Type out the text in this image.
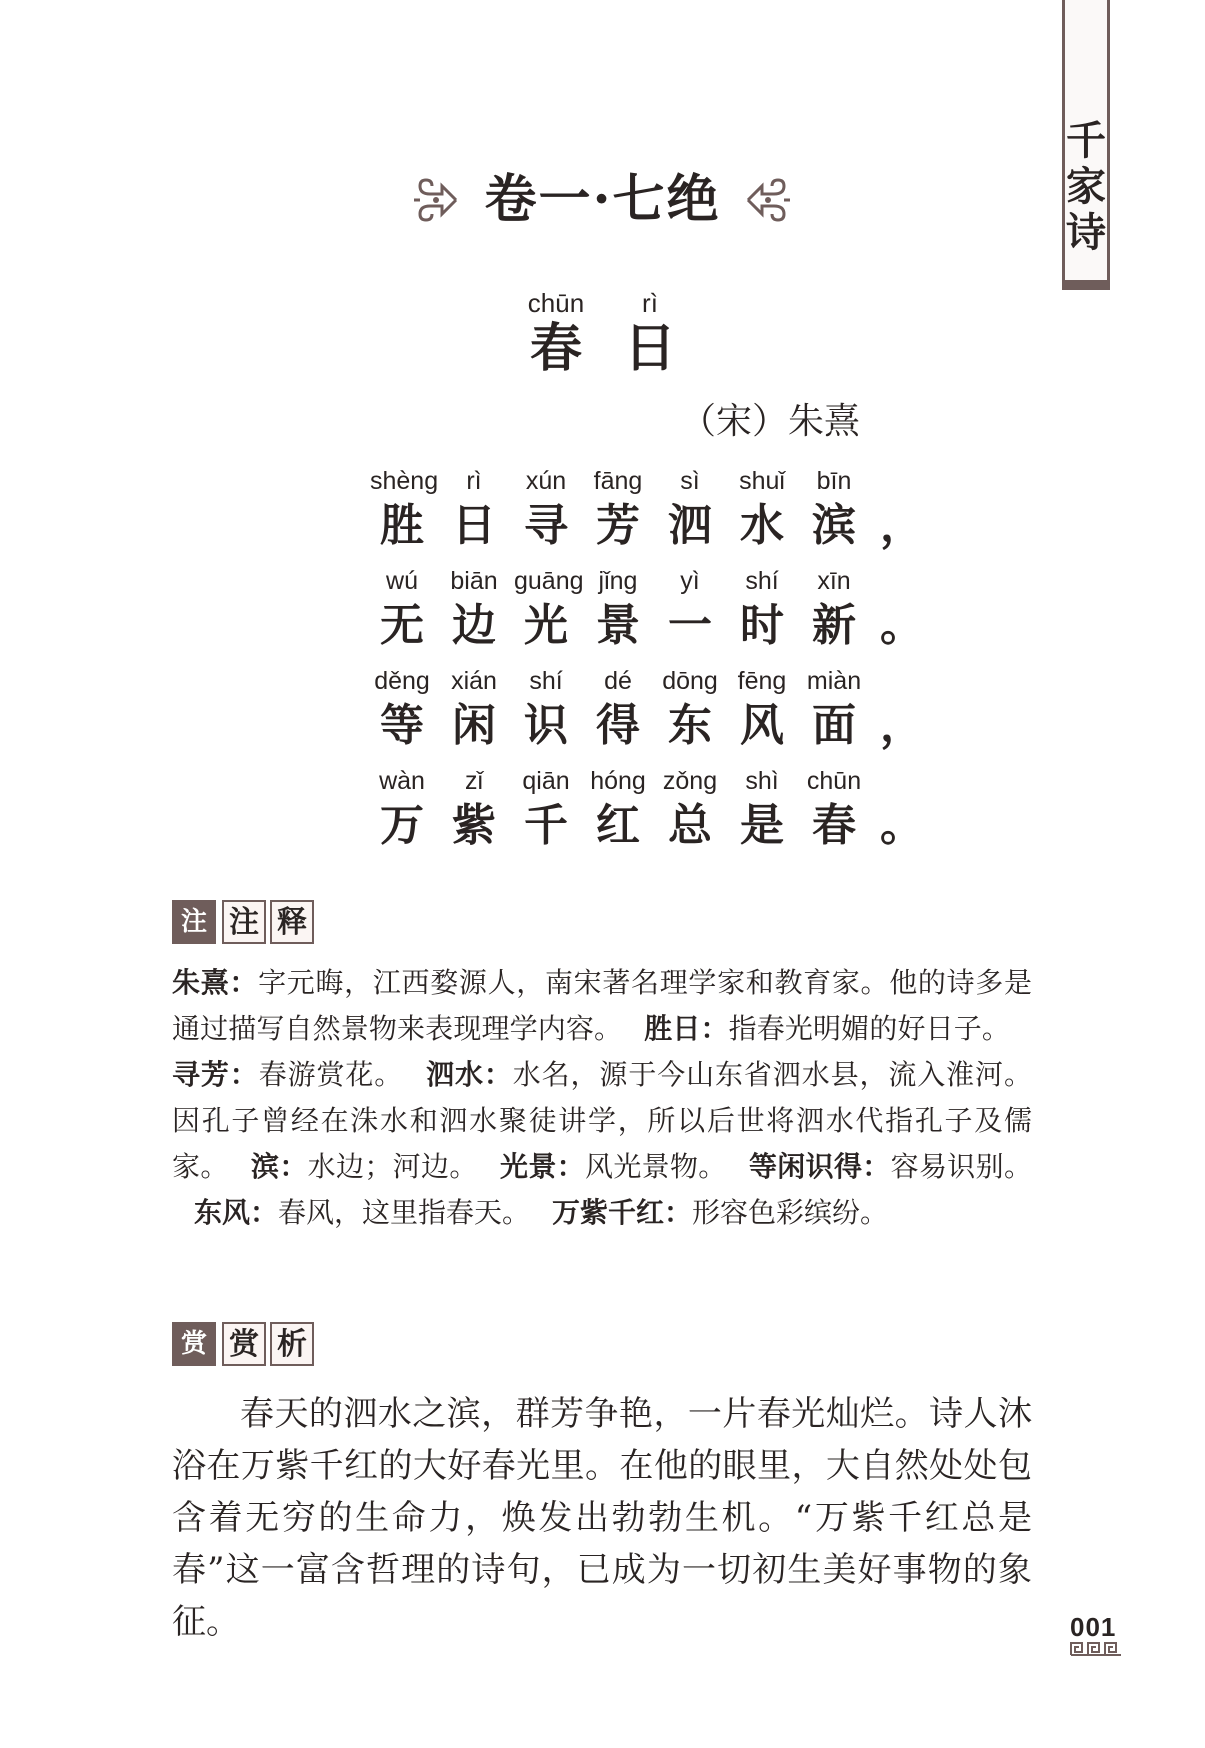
千家诗
卷一·七绝
chūn
春
rì
日
（宋）朱熹
shèng
胜
rì
日
xún
寻
fāng
芳
sì
泗
shuǐ
水
bīn
滨 ，
wú
无
biān
边
guāng
光
jǐng
景
yì
一
shí
时
xīn
新 。
děng
等
xián
闲
shí
识
dé
得
dōng
东
fēng
风
miàn
面 ，
wàn
万
zǐ
紫
qiān
千
hóng
红
zǒng
总
shì
是
chūn
春 。
注 注 释
朱熹：字元晦，江西婺源人，南宋著名理学家和教育家。他的诗多是通过描写自然景物来表现理学内容。 胜日：指春光明媚的好日子。寻芳：春游赏花。 泗水：水名，源于今山东省泗水县，流入淮河。因孔子曾经在洙水和泗水聚徒讲学，所以后世将泗水代指孔子及儒家。 滨：水边；河边。 光景：风光景物。 等闲识得：容易识别。东风：春风，这里指春天。 万紫千红：形容色彩缤纷。
赏 赏 析
春天的泗水之滨，群芳争艳，一片春光灿烂。诗人沐浴在万紫千红的大好春光里。在他的眼里，大自然处处包含着无穷的生命力，焕发出勃勃生机。“万紫千红总是春”这一富含哲理的诗句，已成为一切初生美好事物的象征。	001
